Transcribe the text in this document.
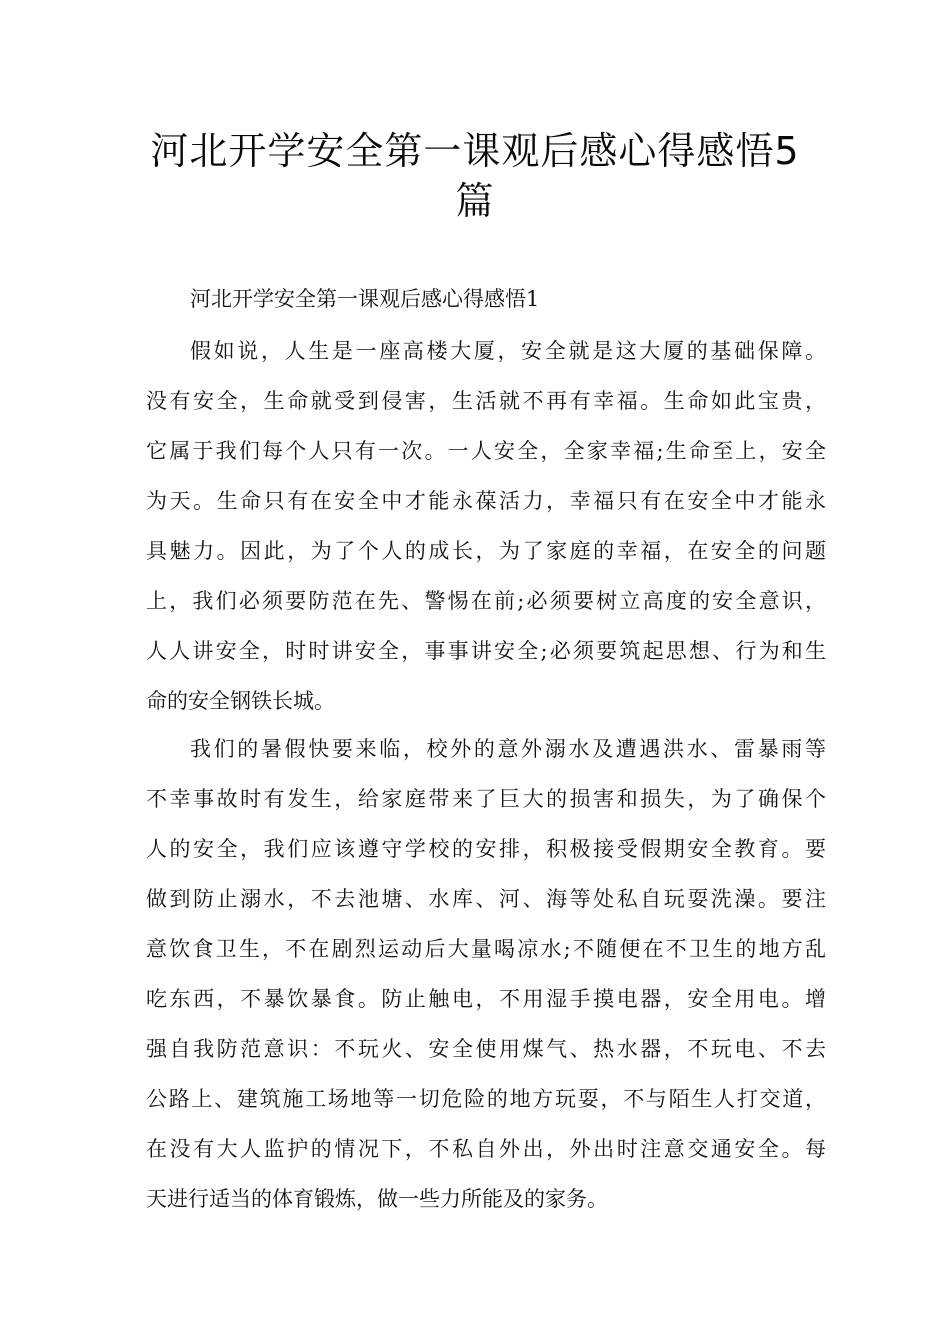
河北开学安全第一课观后感心得感悟5
篇
河北开学安全第一课观后感心得感悟1
假如说，人生是一座高楼大厦，安全就是这大厦的基础保障。
没有安全，生命就受到侵害，生活就不再有幸福。生命如此宝贵，
它属于我们每个人只有一次。一人安全，全家幸福;生命至上，安全
为天。生命只有在安全中才能永葆活力，幸福只有在安全中才能永
具魅力。因此，为了个人的成长，为了家庭的幸福，在安全的问题
上，我们必须要防范在先、警惕在前;必须要树立高度的安全意识，
人人讲安全，时时讲安全，事事讲安全;必须要筑起思想、行为和生
命的安全钢铁长城。
我们的暑假快要来临，校外的意外溺水及遭遇洪水、雷暴雨等
不幸事故时有发生，给家庭带来了巨大的损害和损失，为了确保个
人的安全，我们应该遵守学校的安排，积极接受假期安全教育。要
做到防止溺水，不去池塘、水库、河、海等处私自玩耍洗澡。要注
意饮食卫生，不在剧烈运动后大量喝凉水;不随便在不卫生的地方乱
吃东西，不暴饮暴食。防止触电，不用湿手摸电器，安全用电。增
强自我防范意识：不玩火、安全使用煤气、热水器，不玩电、不去
公路上、建筑施工场地等一切危险的地方玩耍，不与陌生人打交道，
在没有大人监护的情况下，不私自外出，外出时注意交通安全。每
天进行适当的体育锻炼，做一些力所能及的家务。
